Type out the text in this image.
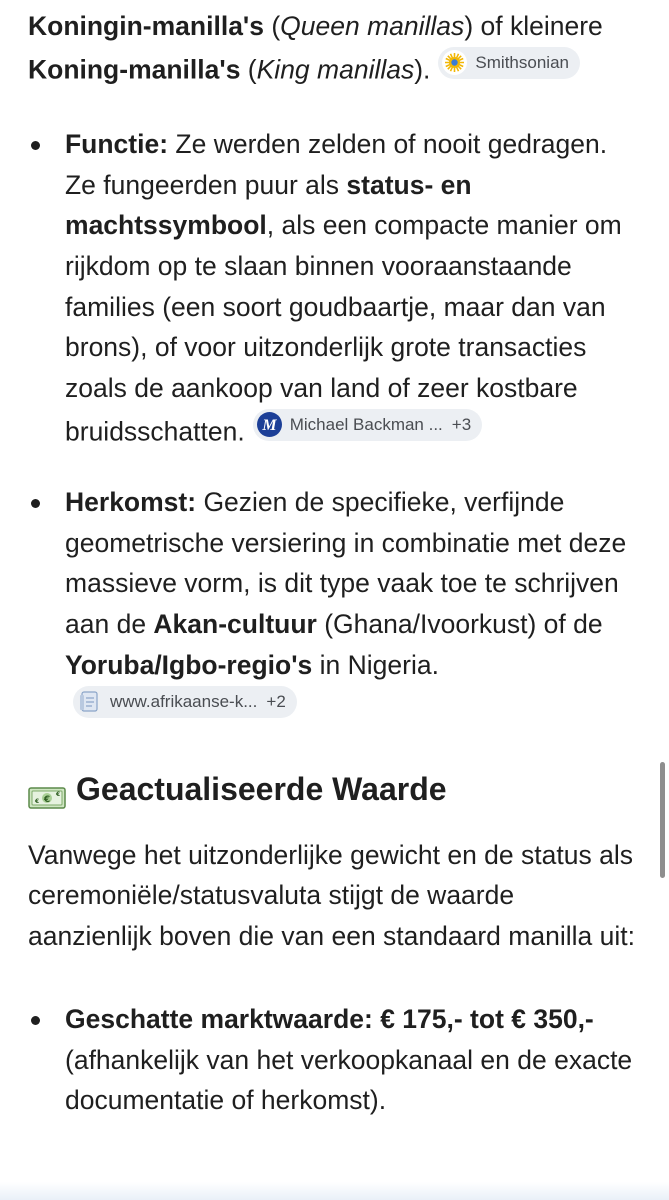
Koningin-manilla's (Queen manillas) of kleinere
Koning-manilla's (King manillas).	Smithsonian

Functie: Ze werden zelden of nooit gedragen. Ze fungeerden puur als status- en machtssymbool, als een compacte manier om rijkdom op te slaan binnen vooraanstaande families (een soort goudbaartje, maar dan van brons), of voor uitzonderlijk grote transacties zoals de aankoop van land of zeer kostbare bruidsschatten. M Michael Backman ... +3
Herkomst: Gezien de specifieke, verfijnde geometrische versiering in combinatie met deze massieve vorm, is dit type vaak toe te schrijven aan de Akan-cultuur (Ghana/Ivoorkust) of de Yoruba/Igbo-regio's in Nigeria.
www.afrikaanse-k... +2
€
€
€ Geactualiseerde Waarde

Vanwege het uitzonderlijke gewicht en de status als ceremoniële/statusvaluta stijgt de waarde aanzienlijk boven die van een standaard manilla uit:

Geschatte marktwaarde: € 175,- tot € 350,- (afhankelijk van het verkoopkanaal en de exacte documentatie of herkomst).
